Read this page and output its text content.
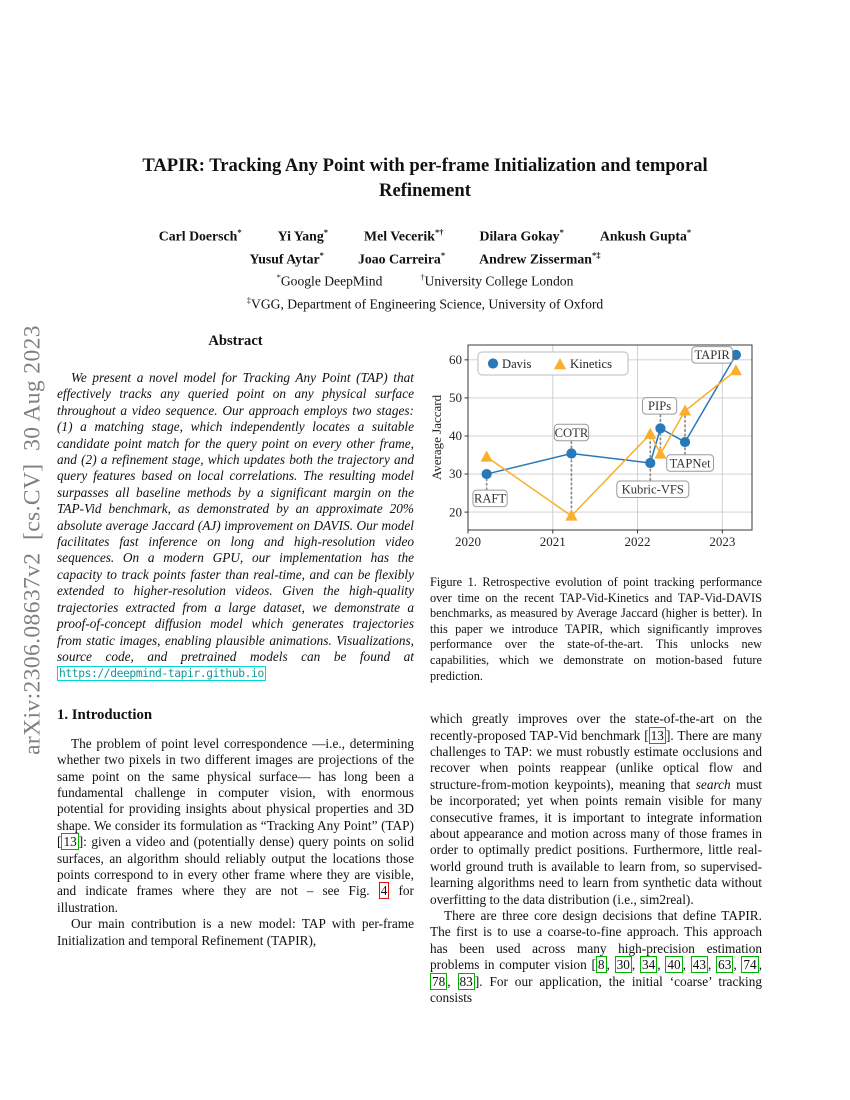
arXiv:2306.08637v2  [cs.CV]  30 Aug 2023
TAPIR: Tracking Any Point with per-frame Initialization and temporal Refinement
Carl Doersch*	Yi Yang*	Mel Vecerik*†	Dilara Gokay*	Ankush Gupta*
Yusuf Aytar* Joao Carreira* Andrew Zisserman*‡
*Google DeepMind	†University College London
‡VGG, Department of Engineering Science, University of Oxford
Abstract

We present a novel model for Tracking Any Point (TAP) that effectively tracks any queried point on any physical surface throughout a video sequence. Our approach employs two stages: (1) a matching stage, which independently locates a suitable candidate point match for the query point on every other frame, and (2) a refinement stage, which updates both the trajectory and query features based on local correlations. The resulting model surpasses all baseline methods by a significant margin on the TAP-Vid benchmark, as demonstrated by an approximate 20% absolute average Jaccard (AJ) improvement on DAVIS. Our model facilitates fast inference on long and high-resolution video sequences. On a modern GPU, our implementation has the capacity to track points faster than real-time, and can be flexibly extended to higher-resolution videos. Given the high-quality trajectories extracted from a large dataset, we demonstrate a proof-of-concept diffusion model which generates trajectories from static images, enabling plausible animations. Visualizations, source code, and pretrained models can be found at https://deepmind-tapir.github.io

1. Introduction

The problem of point level correspondence —i.e., determining whether two pixels in two different images are projections of the same point on the same physical surface— has long been a fundamental challenge in computer vision, with enormous potential for providing insights about physical properties and 3D shape. We consider its formulation as “Tracking Any Point” (TAP) [ 13 ]: given a video and (potentially dense) query points on solid surfaces, an algorithm should reliably output the locations those points correspond to in every other frame where they are visible, and indicate frames where they are not – see Fig. 4 for illustration.

Our main contribution is a new model: TAP with per-frame Initialization and temporal Refinement (TAPIR),

2020	2021	2022	2023
20
30
40
50
60
Average Jaccard
RAFT
COTR
Kubric-VFS
PIPs
TAPNet
TAPIR
Davis	Kinetics
Figure 1. Retrospective evolution of point tracking performance over time on the recent TAP-Vid-Kinetics and TAP-Vid-DAVIS benchmarks, as measured by Average Jaccard (higher is better). In this paper we introduce TAPIR, which significantly improves performance over the state-of-the-art. This unlocks new capabilities, which we demonstrate on motion-based future prediction.

which greatly improves over the state-of-the-art on the recently-proposed TAP-Vid benchmark [ 13 ]. There are many challenges to TAP: we must robustly estimate occlusions and recover when points reappear (unlike optical flow and structure-from-motion keypoints), meaning that search must be incorporated; yet when points remain visible for many consecutive frames, it is important to integrate information about appearance and motion across many of those frames in order to optimally predict positions. Furthermore, little real-world ground truth is available to learn from, so supervised-learning algorithms need to learn from synthetic data without overfitting to the data distribution (i.e., sim2real).

There are three core design decisions that define TAPIR. The first is to use a coarse-to-fine approach. This approach has been used across many high-precision estimation problems in computer vision [ 8 , 30 , 34 , 40 , 43 , 63 , 74 , 78 , 83 ]. For our application, the initial ‘coarse’ tracking consists
